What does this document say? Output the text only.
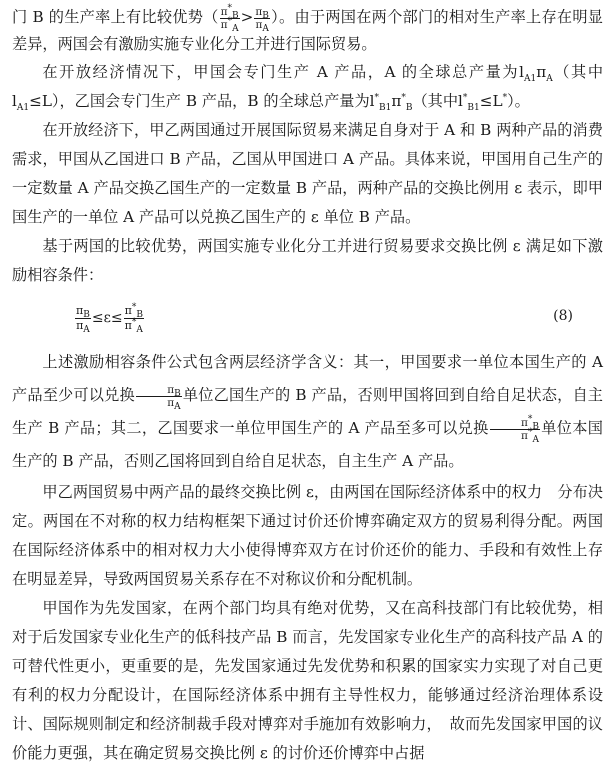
门 B 的生产率上有比较优势（ $\frac{\pi^*_B}{\pi^*_A} > \frac{\pi_B}{\pi_A}$ ）。由于两国在两个部门的相对生产率上存在明显差异，两国会有激励实施专业化分工并进行国际贸易。

在开放经济情况下，甲国会专门生产 A 产品，A 的全球总产量为$l_{A1}\pi_A$（其中$l_{A1}\le L$），乙国会专门生产 B 产品，B 的全球总产量为$l^*_{B1}\pi^*_B$（其中$l^*_{B1}\le L^*$）。

在开放经济下，甲乙两国通过开展国际贸易来满足自身对于 A 和 B 两种产品的消费需求，甲国从乙国进口 B 产品，乙国从甲国进口 A 产品。具体来说，甲国用自己生产的一定数量 A 产品交换乙国生产的一定数量 B 产品，两种产品的交换比例用 ε 表示，即甲国生产的一单位 A 产品可以兑换乙国生产的 ε 单位 B 产品。

基于两国的比较优势，两国实施专业化分工并进行贸易要求交换比例 ε 满足如下激励相容条件：

$\frac{\pi_B}{\pi_A} \le\varepsilon\le \frac{\pi^*_B}{\pi^*_A}$	(8)

上述激励相容条件公式包含两层经济学含义：其一，甲国要求一单位本国生产的 A 产品至少可以兑换 $\frac{\pi_B}{\pi_A}$ 单位乙国生产的 B 产品，否则甲国将回到自给自足状态，自主生产 B 产品；其二，乙国要求一单位甲国生产的 A 产品至多可以兑换 $\frac{\pi^*_B}{\pi^*_A}$ 单位本国生产的 B 产品，否则乙国将回到自给自足状态，自主生产 A 产品。

甲乙两国贸易中两产品的最终交换比例 ε，由两国在国际经济体系中的权力　分布决定。两国在不对称的权力结构框架下通过讨价还价博弈确定双方的贸易利得分配。两国在国际经济体系中的相对权力大小使得博弈双方在讨价还价的能力、手段和有效性上存在明显差异，导致两国贸易关系存在不对称议价和分配机制。

甲国作为先发国家，在两个部门均具有绝对优势，又在高科技部门有比较优势，相对于后发国家专业化生产的低科技产品 B 而言，先发国家专业化生产的高科技产品 A 的可替代性更小，更重要的是，先发国家通过先发优势和积累的国家实力实现了对自己更有利的权力分配设计，在国际经济体系中拥有主导性权力，能够通过经济治理体系设计、国际规则制定和经济制裁手段对博弈对手施加有效影响力，　故而先发国家甲国的议价能力更强，其在确定贸易交换比例 ε 的讨价还价博弈中占据
